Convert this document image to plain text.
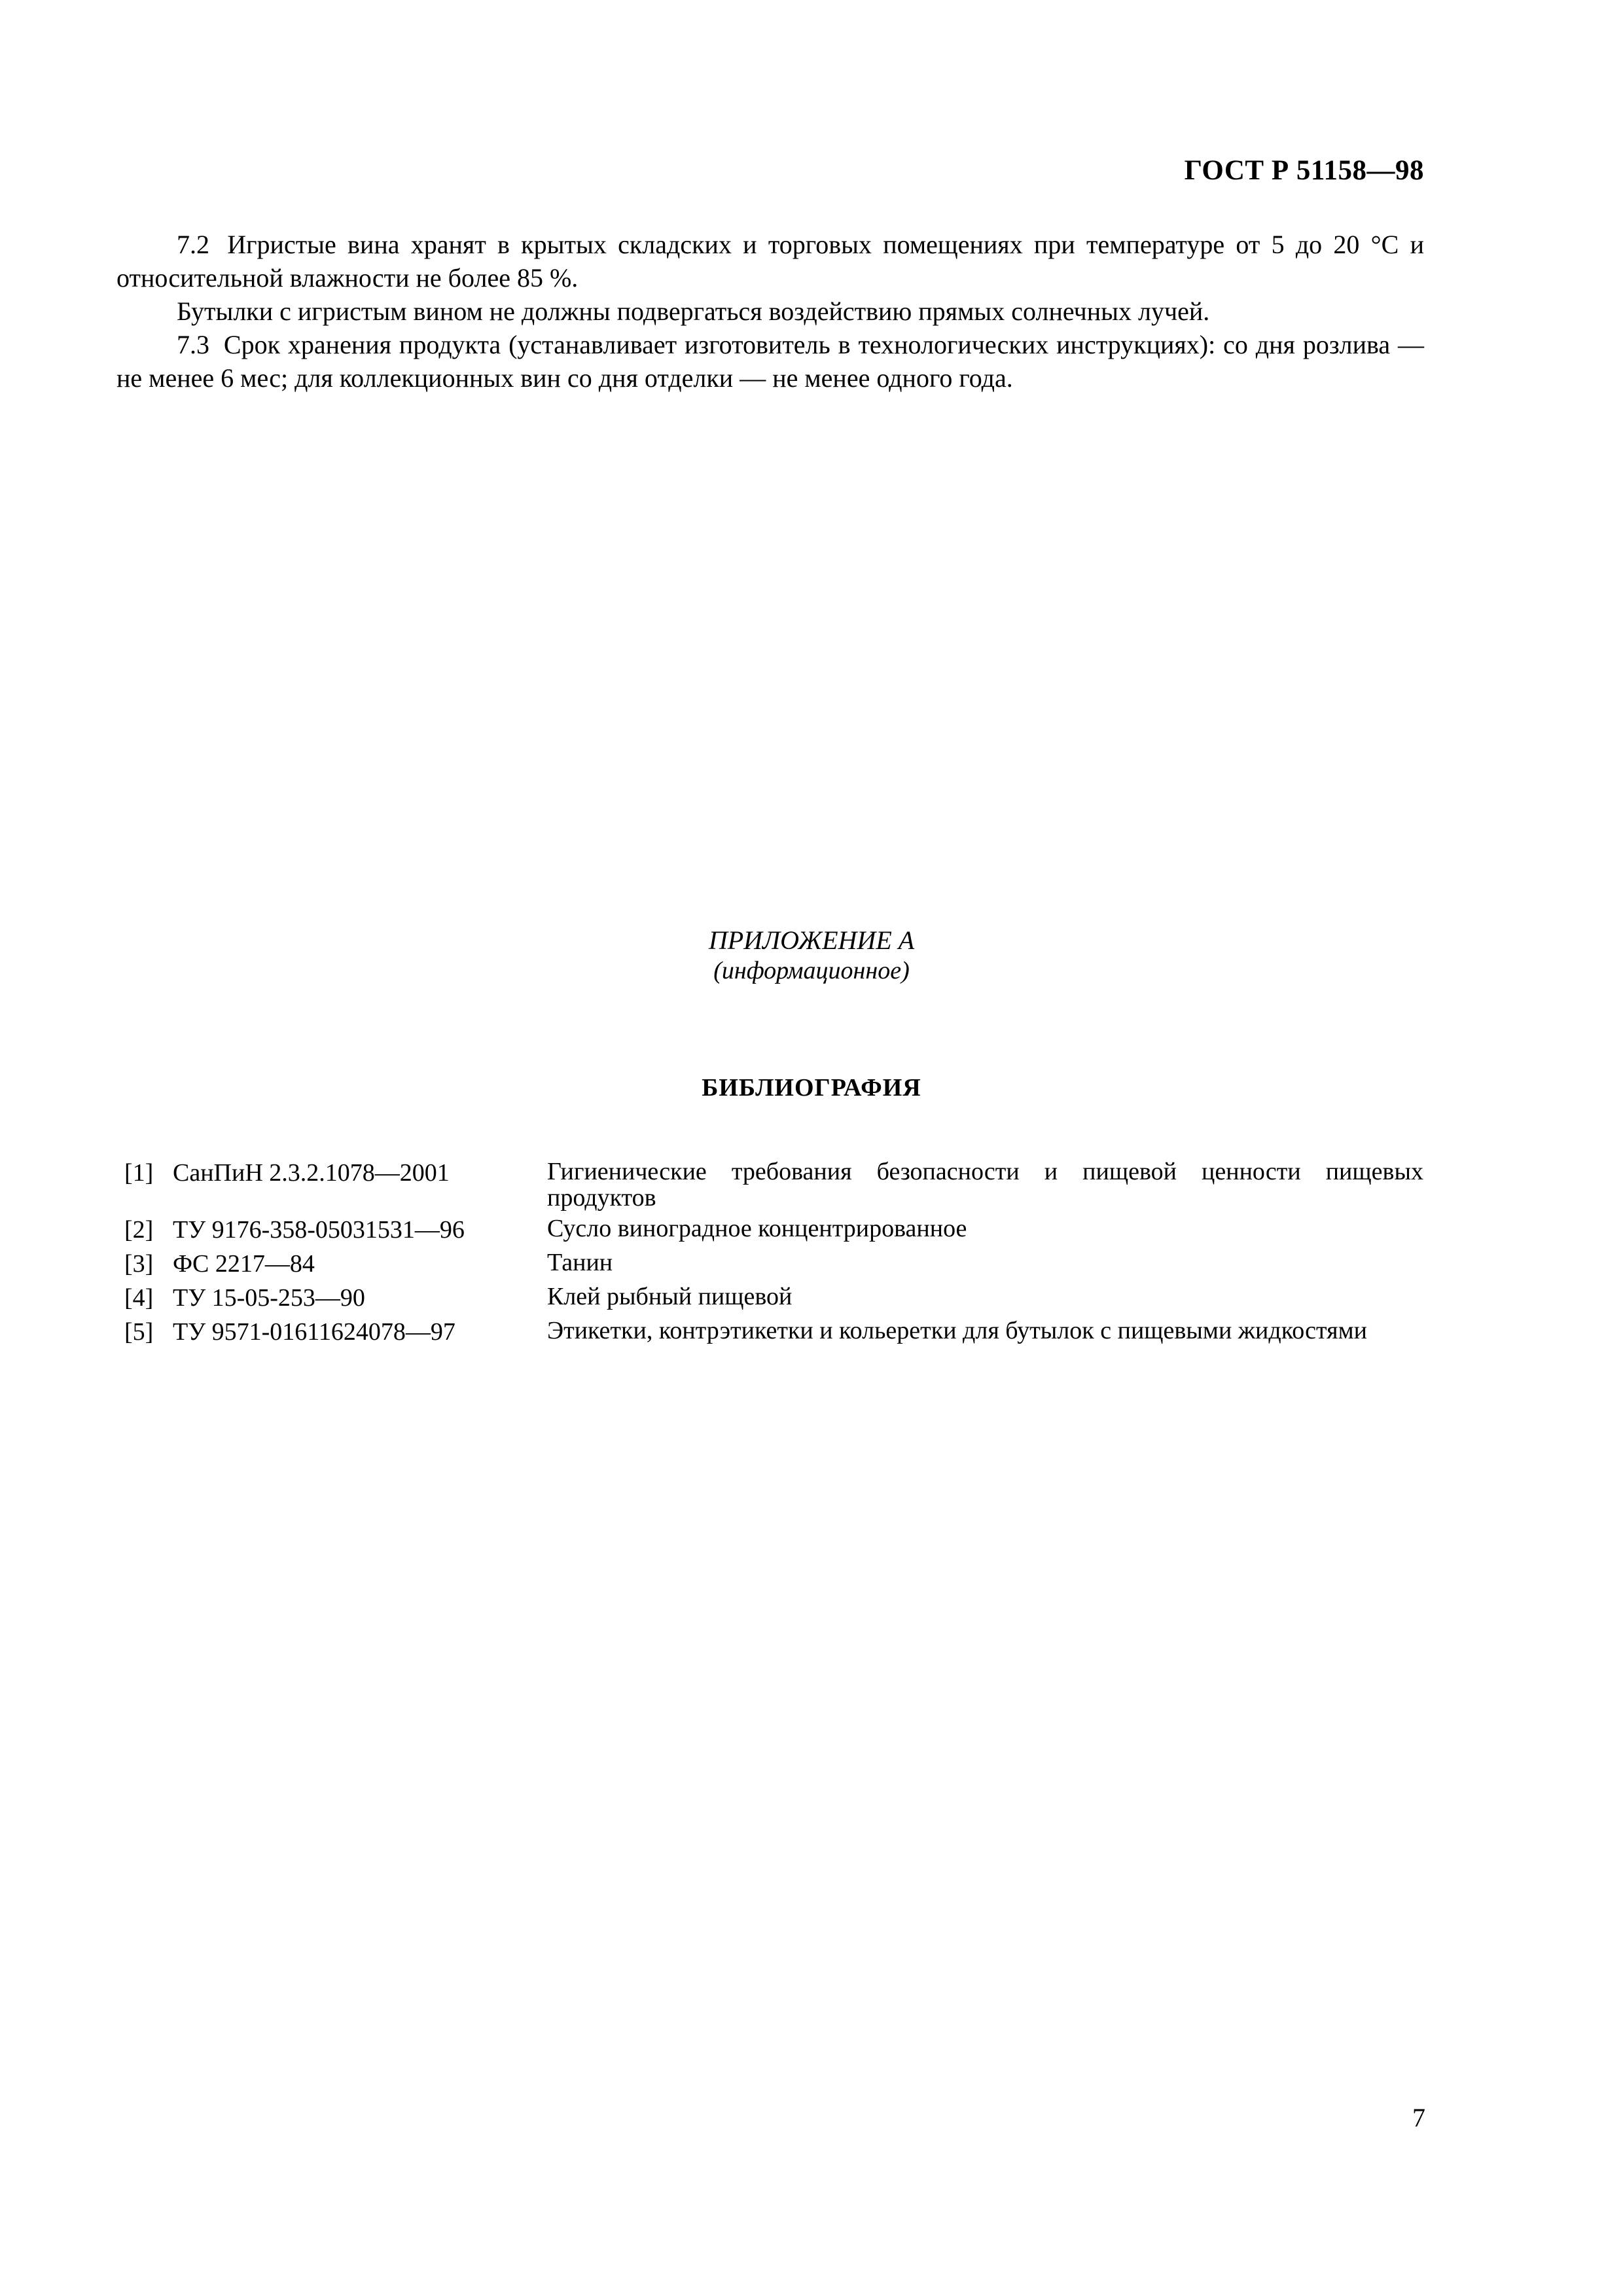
ГОСТ Р 51158—98

7.2 Игристые вина хранят в крытых складских и торговых помещениях при температуре от 5 до 20 °С и относительной влажности не более 85 %.

Бутылки с игристым вином не должны подвергаться воздействию прямых солнечных лучей.

7.3 Срок хранения продукта (устанавливает изготовитель в технологических инструкциях): со дня розлива — не менее 6 мес; для коллекционных вин со дня отделки — не менее одного года.

ПРИЛОЖЕНИЕ А
(информационное)
БИБЛИОГРАФИЯ
[1] СанПиН 2.3.2.1078—2001	Гигиенические требования безопасности и пищевой ценности пищевых продуктов
[2] ТУ 9176-358-05031531—96	Сусло виноградное концентрированное
[3] ФС 2217—84	Танин
[4] ТУ 15-05-253—90	Клей рыбный пищевой
[5] ТУ 9571-01611624078—97	Этикетки, контрэтикетки и кольеретки для бутылок с пищевыми жидкостями
7
